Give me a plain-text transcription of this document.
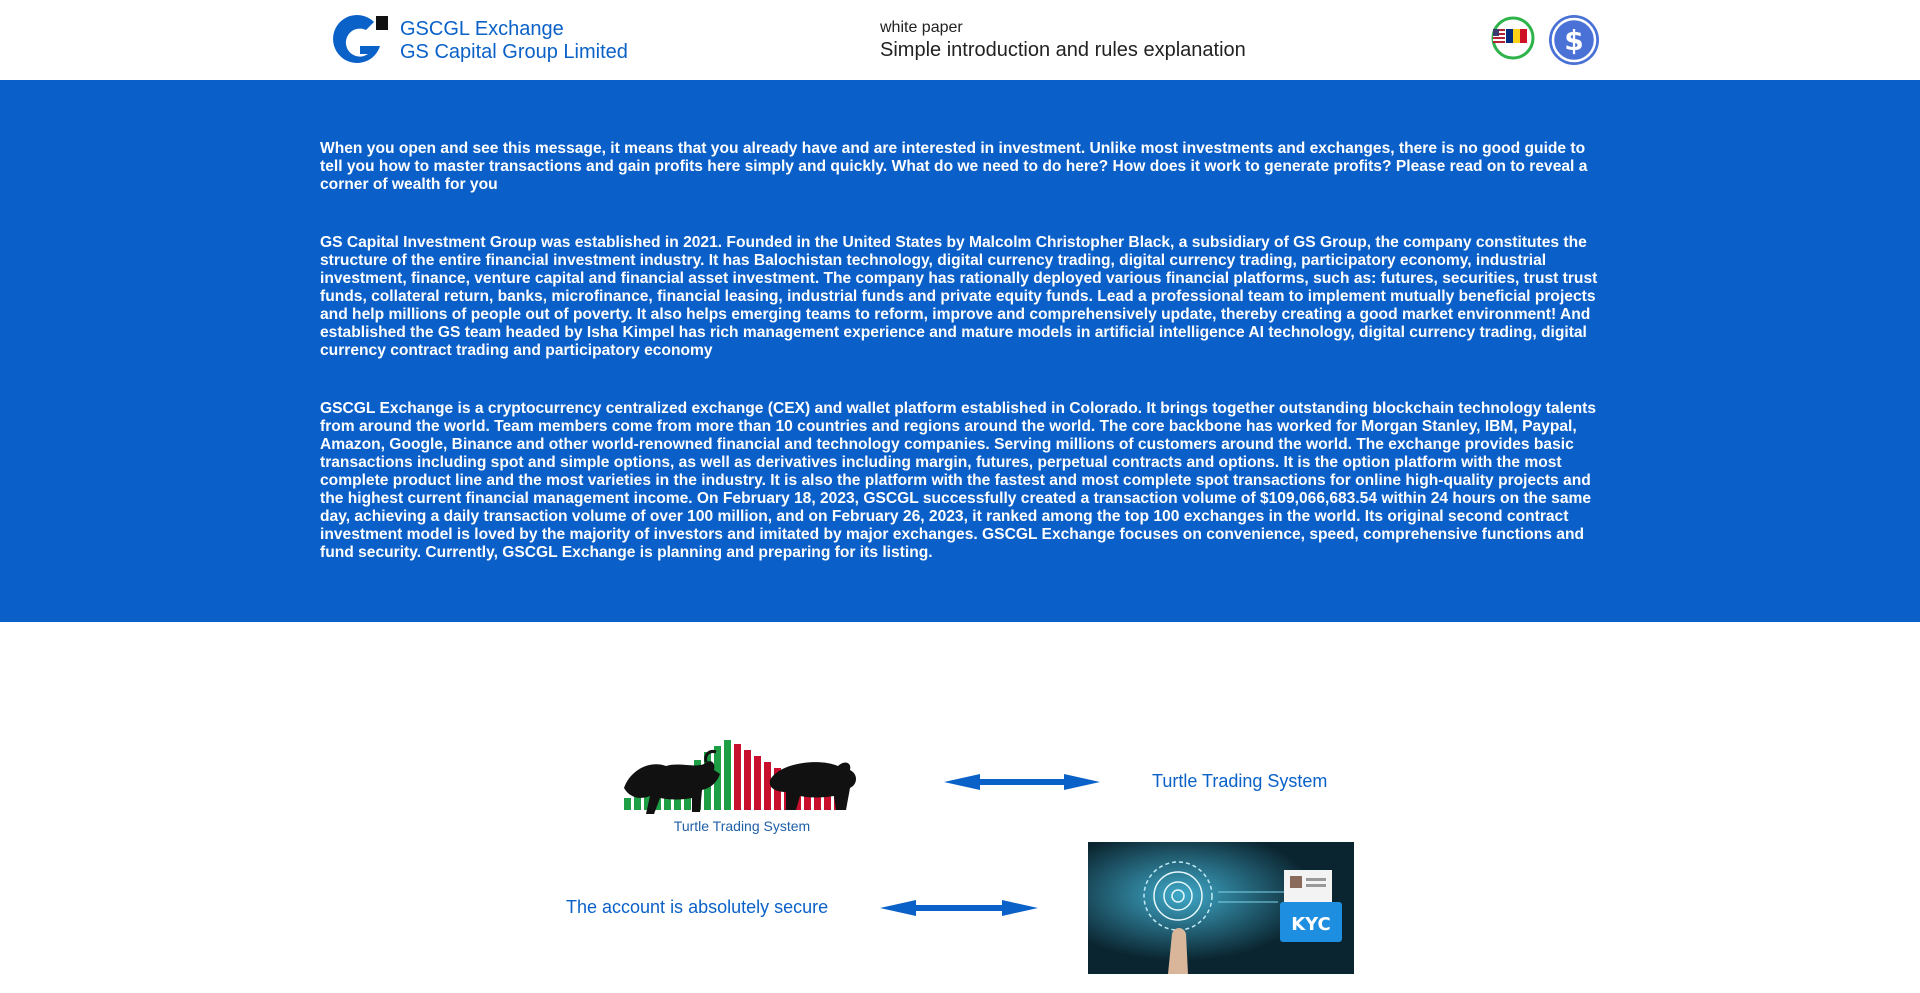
GSCGL Exchange
GS Capital Group Limited
white paper
Simple introduction and rules explanation	$

When you open and see this message, it means that you already have and are interested in investment. Unlike most investments and exchanges, there is no good guide to tell you how to master transactions and gain profits here simply and quickly. What do we need to do here? How does it work to generate profits? Please read on to reveal a corner of wealth for you

GS Capital Investment Group was established in 2021. Founded in the United States by Malcolm Christopher Black, a subsidiary of GS Group, the company constitutes the structure of the entire financial investment industry. It has Balochistan technology, digital currency trading, digital currency trading, participatory economy, industrial investment, finance, venture capital and financial asset investment. The company has rationally deployed various financial platforms, such as: futures, securities, trust trust funds, collateral return, banks, microfinance, financial leasing, industrial funds and private equity funds. Lead a professional team to implement mutually beneficial projects and help millions of people out of poverty. It also helps emerging teams to reform, improve and comprehensively update, thereby creating a good market environment! And established the GS team headed by Isha Kimpel has rich management experience and mature models in artificial intelligence AI technology, digital currency trading, digital currency contract trading and participatory economy

GSCGL Exchange is a cryptocurrency centralized exchange (CEX) and wallet platform established in Colorado. It brings together outstanding blockchain technology talents from around the world. Team members come from more than 10 countries and regions around the world. The core backbone has worked for Morgan Stanley, IBM, Paypal, Amazon, Google, Binance and other world-renowned financial and technology companies. Serving millions of customers around the world. The exchange provides basic transactions including spot and simple options, as well as derivatives including margin, futures, perpetual contracts and options. It is the option platform with the most complete product line and the most varieties in the industry. It is also the platform with the fastest and most complete spot transactions for online high-quality projects and the highest current financial management income. On February 18, 2023, GSCGL successfully created a transaction volume of $109,066,683.54 within 24 hours on the same day, achieving a daily transaction volume of over 100 million, and on February 26, 2023, it ranked among the top 100 exchanges in the world. Its original second contract investment model is loved by the majority of investors and imitated by major exchanges. GSCGL Exchange focuses on convenience, speed, comprehensive functions and fund security. Currently, GSCGL Exchange is planning and preparing for its listing.

Turtle Trading System
Turtle Trading System
The account is absolutely secure
KYC
